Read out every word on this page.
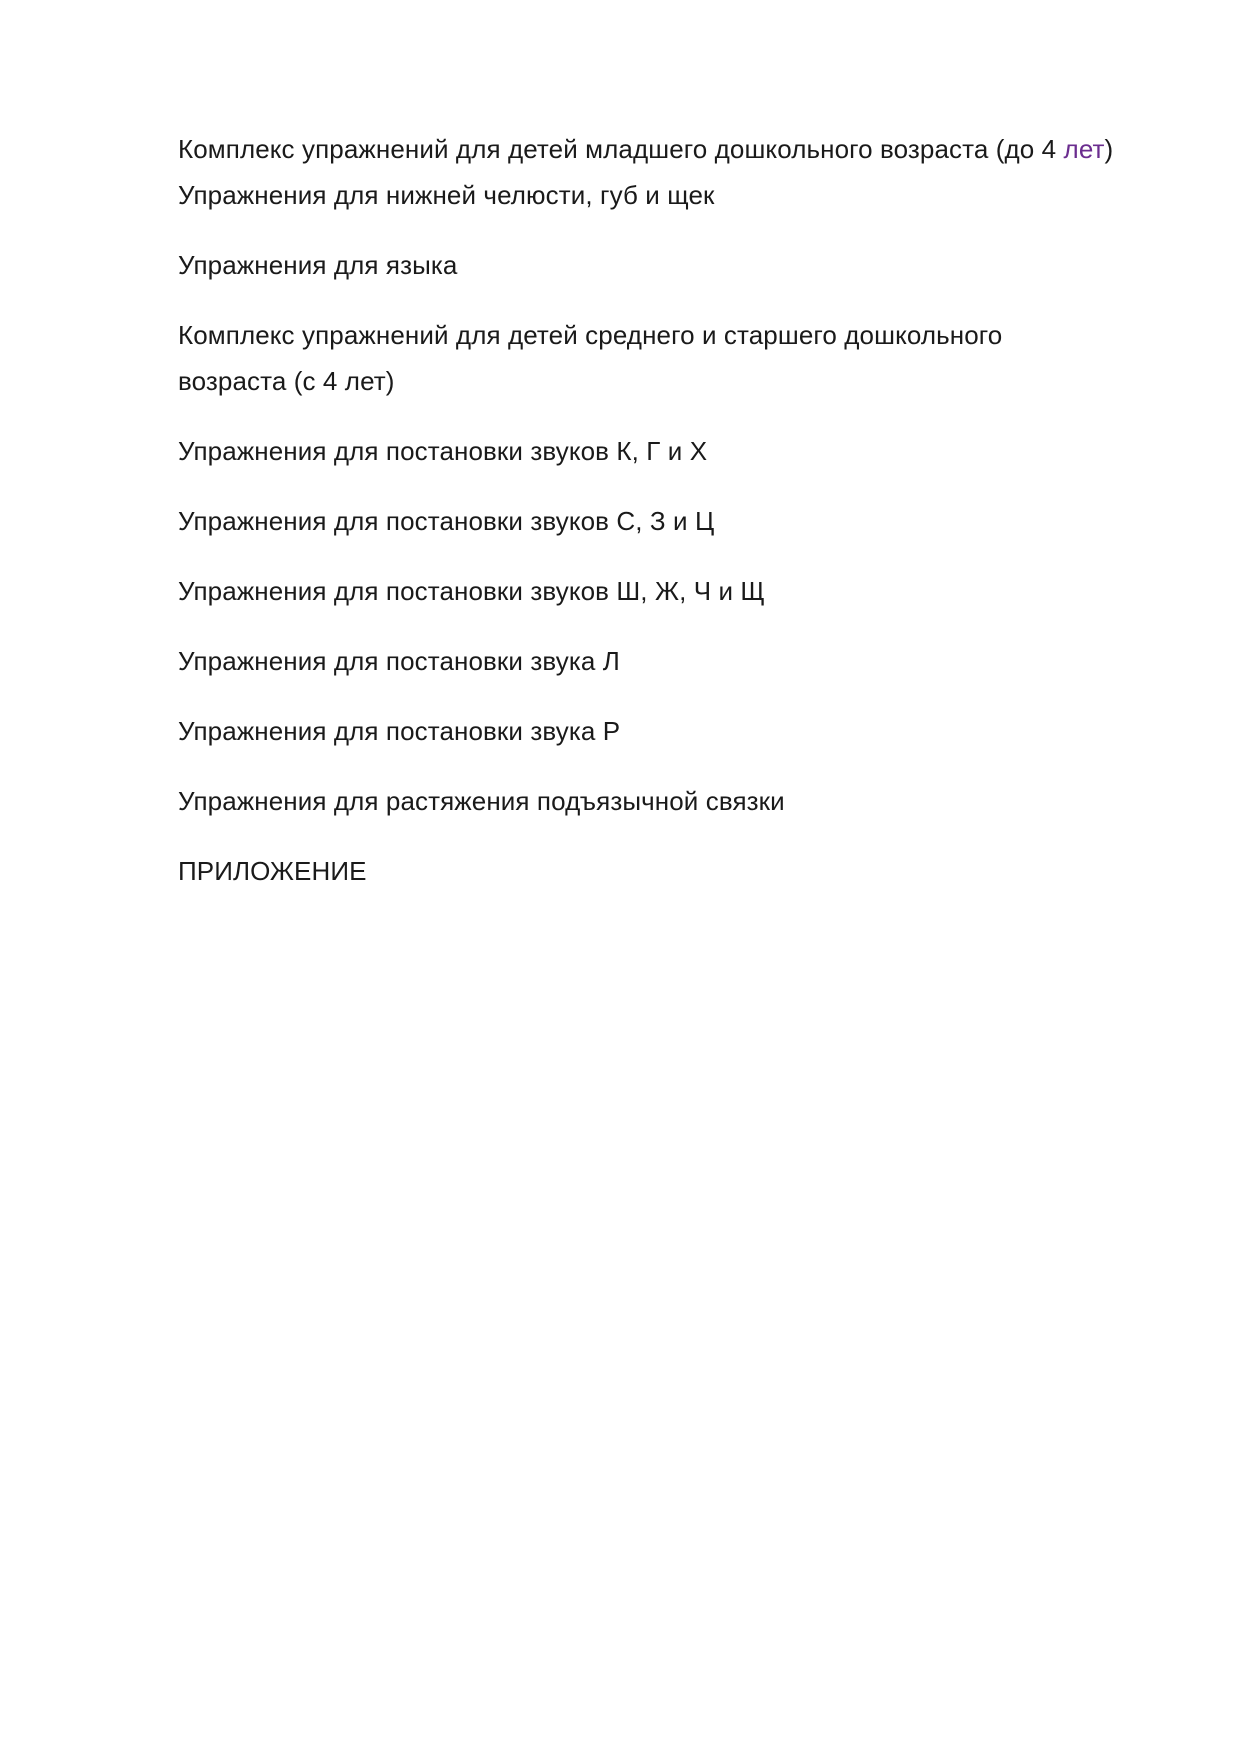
Комплекс упражнений для детей младшего дошкольного возраста (до 4 лет)

Упражнения для нижней челюсти, губ и щек

Упражнения для языка

Комплекс упражнений для детей среднего и старшего дошкольного возраста (с 4 лет)

Упражнения для постановки звуков К, Г и Х

Упражнения для постановки звуков С, З и Ц

Упражнения для постановки звуков Ш, Ж, Ч и Щ

Упражнения для постановки звука Л

Упражнения для постановки звука Р

Упражнения для растяжения подъязычной связки

ПРИЛОЖЕНИЕ
